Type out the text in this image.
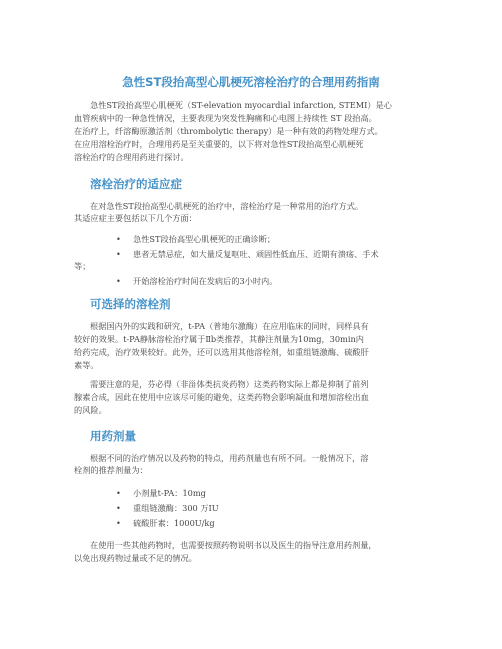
急性ST段抬高型心肌梗死溶栓治疗的合理用药指南
急性ST段抬高型心肌梗死（ST-elevation myocardial infarction, STEMI）是心
血管疾病中的一种急性情况，主要表现为突发性胸痛和心电图上持续性 ST 段抬高。
在治疗上，纤溶酶原激活剂（thrombolytic therapy）是一种有效的药物处理方式。
在应用溶栓治疗时，合理用药是至关重要的，以下将对急性ST段抬高型心肌梗死
溶栓治疗的合理用药进行探讨。
溶栓治疗的适应症
在对急性ST段抬高型心肌梗死的治疗中，溶栓治疗是一种常用的治疗方式。
其适应症主要包括以下几个方面：
• 急性ST段抬高型心肌梗死的正确诊断；
• 患者无禁忌症，如大量反复呕吐、顽固性低血压、近期有溃疡、手术
等；
• 开始溶栓治疗时间在发病后的3小时内。
可选择的溶栓剂
根据国内外的实践和研究，t-PA（普地尔激酶）在应用临床的同时，同样具有
较好的效果。t-PA静脉溶栓治疗属于Ⅱb类推荐，其静注剂量为10mg，30min内
给药完成，治疗效果较好。此外，还可以选用其他溶栓剂，如重组链激酶、硫酸肝
素等。
需要注意的是，芬必得（非甾体类抗炎药物）这类药物实际上都是抑制了前列
腺素合成，因此在使用中应该尽可能的避免，这类药物会影响凝血和增加溶栓出血
的风险。
用药剂量
根据不同的治疗情况以及药物的特点，用药剂量也有所不同。一般情况下，溶
栓剂的推荐剂量为：
• 小剂量t-PA：10mg
• 重组链激酶：300 万IU
• 硫酸肝素：1000U/kg
在使用一些其他药物时，也需要按照药物说明书以及医生的指导注意用药剂量，
以免出现药物过量或不足的情况。
